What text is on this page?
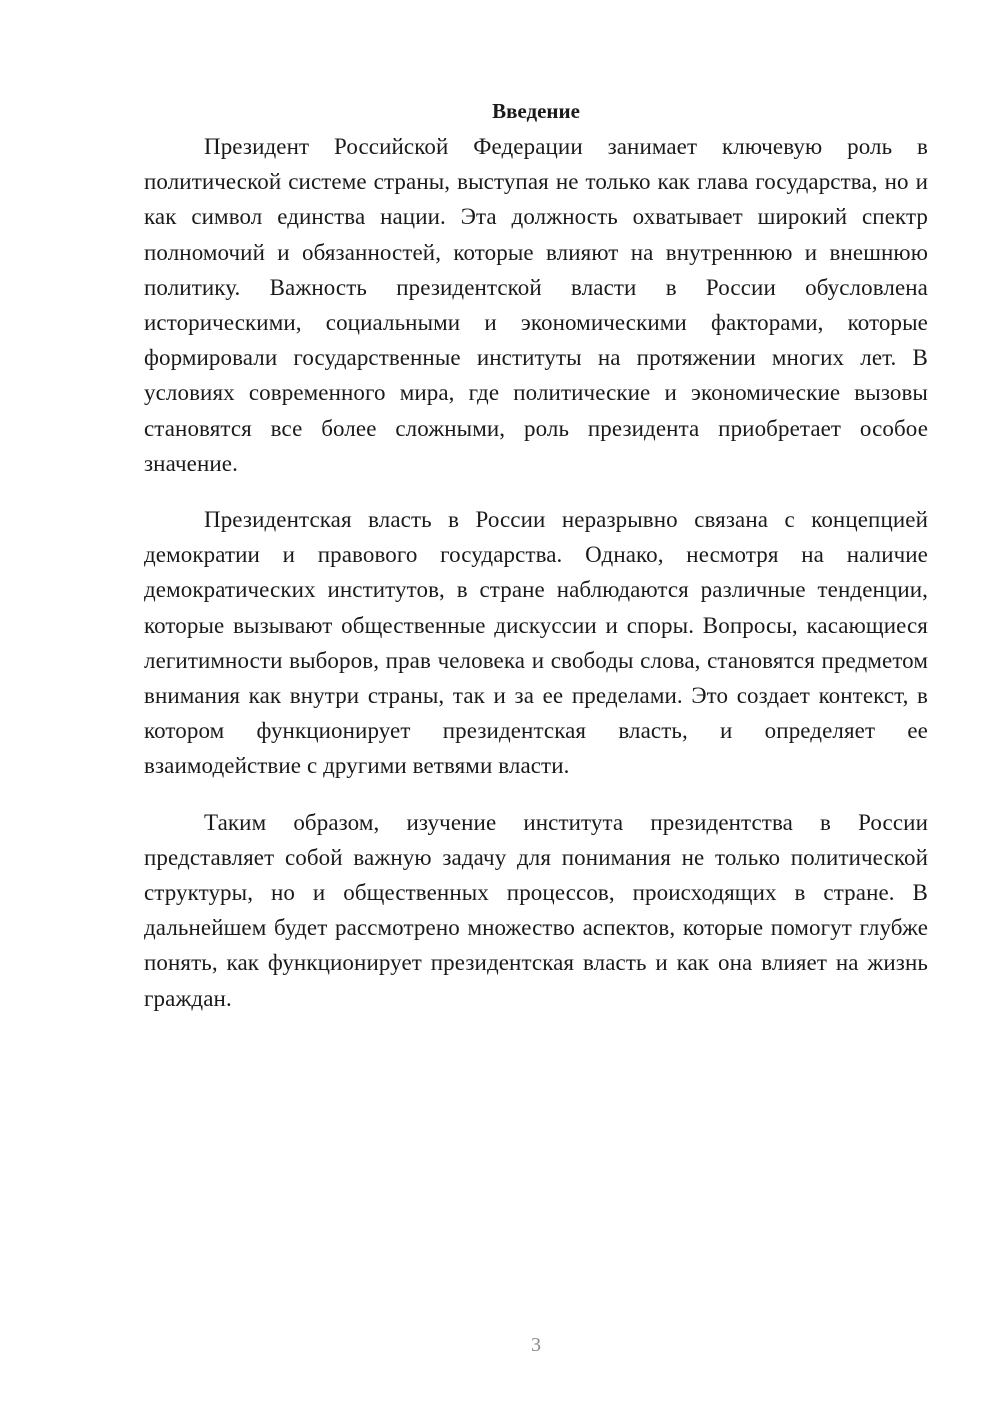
Введение

Президент Российской Федерации занимает ключевую роль в политической системе страны, выступая не только как глава государства, но и как символ единства нации. Эта должность охватывает широкий спектр полномочий и обязанностей, которые влияют на внутреннюю и внешнюю политику. Важность президентской власти в России обусловлена историческими, социальными и экономическими факторами, которые формировали государственные институты на протяжении многих лет. В условиях современного мира, где политические и экономические вызовы становятся все более сложными, роль президента приобретает особое значение.

Президентская власть в России неразрывно связана с концепцией демократии и правового государства. Однако, несмотря на наличие демократических институтов, в стране наблюдаются различные тенденции, которые вызывают общественные дискуссии и споры. Вопросы, касающиеся легитимности выборов, прав человека и свободы слова, становятся предметом внимания как внутри страны, так и за ее пределами. Это создает контекст, в котором функционирует президентская власть, и определяет ее взаимодействие с другими ветвями власти.

Таким образом, изучение института президентства в России представляет собой важную задачу для понимания не только политической структуры, но и общественных процессов, происходящих в стране. В дальнейшем будет рассмотрено множество аспектов, которые помогут глубже понять, как функционирует президентская власть и как она влияет на жизнь граждан.

3
